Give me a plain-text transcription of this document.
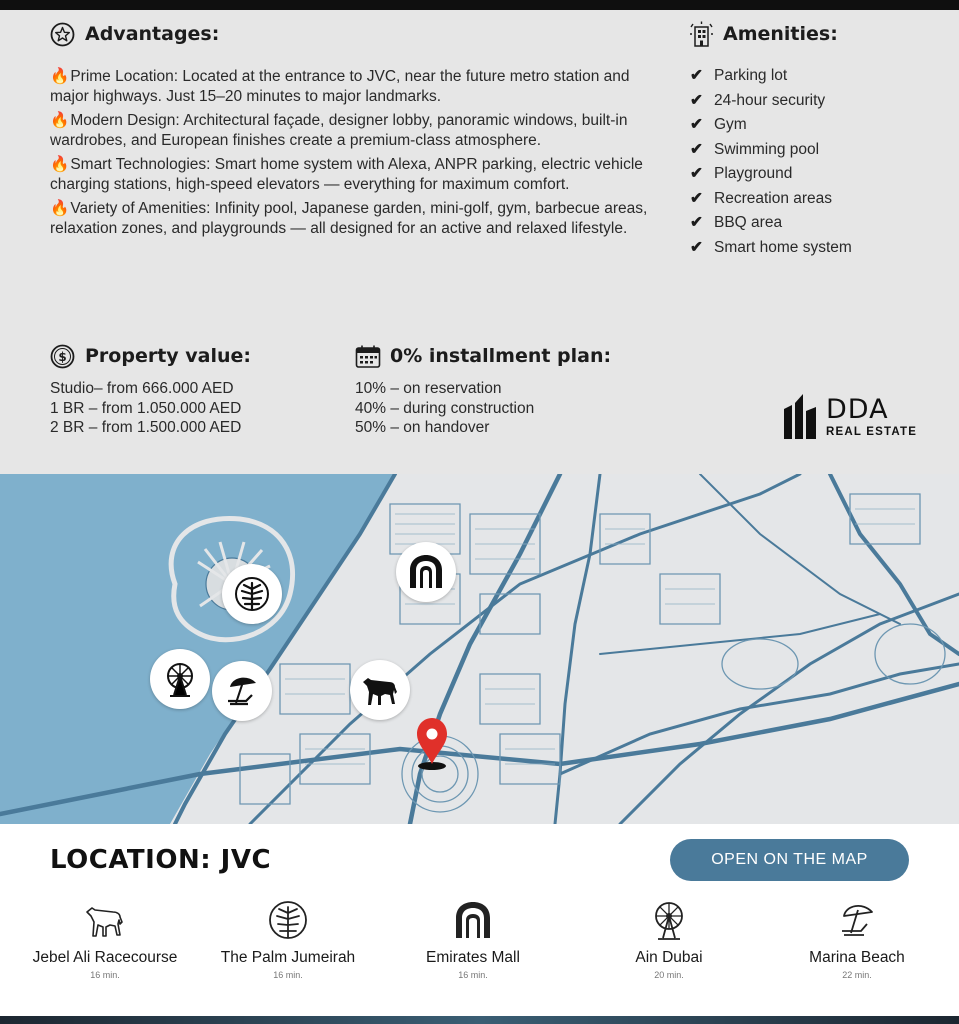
Advantages:
🔥Prime Location: Located at the entrance to JVC, near the future metro station and major highways. Just 15–20 minutes to major landmarks.
🔥Modern Design: Architectural façade, designer lobby, panoramic windows, built-in wardrobes, and European finishes create a premium-class atmosphere.
🔥Smart Technologies: Smart home system with Alexa, ANPR parking, electric vehicle charging stations, high-speed elevators — everything for maximum comfort.
🔥Variety of Amenities: Infinity pool, Japanese garden, mini-golf, gym, barbecue areas, relaxation zones, and playgrounds — all designed for an active and relaxed lifestyle.
Amenities:
✔ Parking lot
✔ 24-hour security
✔ Gym
✔ Swimming pool
✔ Playground
✔ Recreation areas
✔ BBQ area
✔ Smart home system
$ Property value:
Studio– from 666.000 AED
1 BR – from 1.050.000 AED
2 BR – from 1.500.000 AED
0% installment plan:
10% – on reservation
40% – during construction
50% – on handover
DDA
REAL ESTATE
LOCATION: JVC	OPEN ON THE MAP
Jebel Ali Racecourse
16 min.
The Palm Jumeirah
16 min.
Emirates Mall
16 min.
Ain Dubai
20 min.
Marina Beach
22 min.
